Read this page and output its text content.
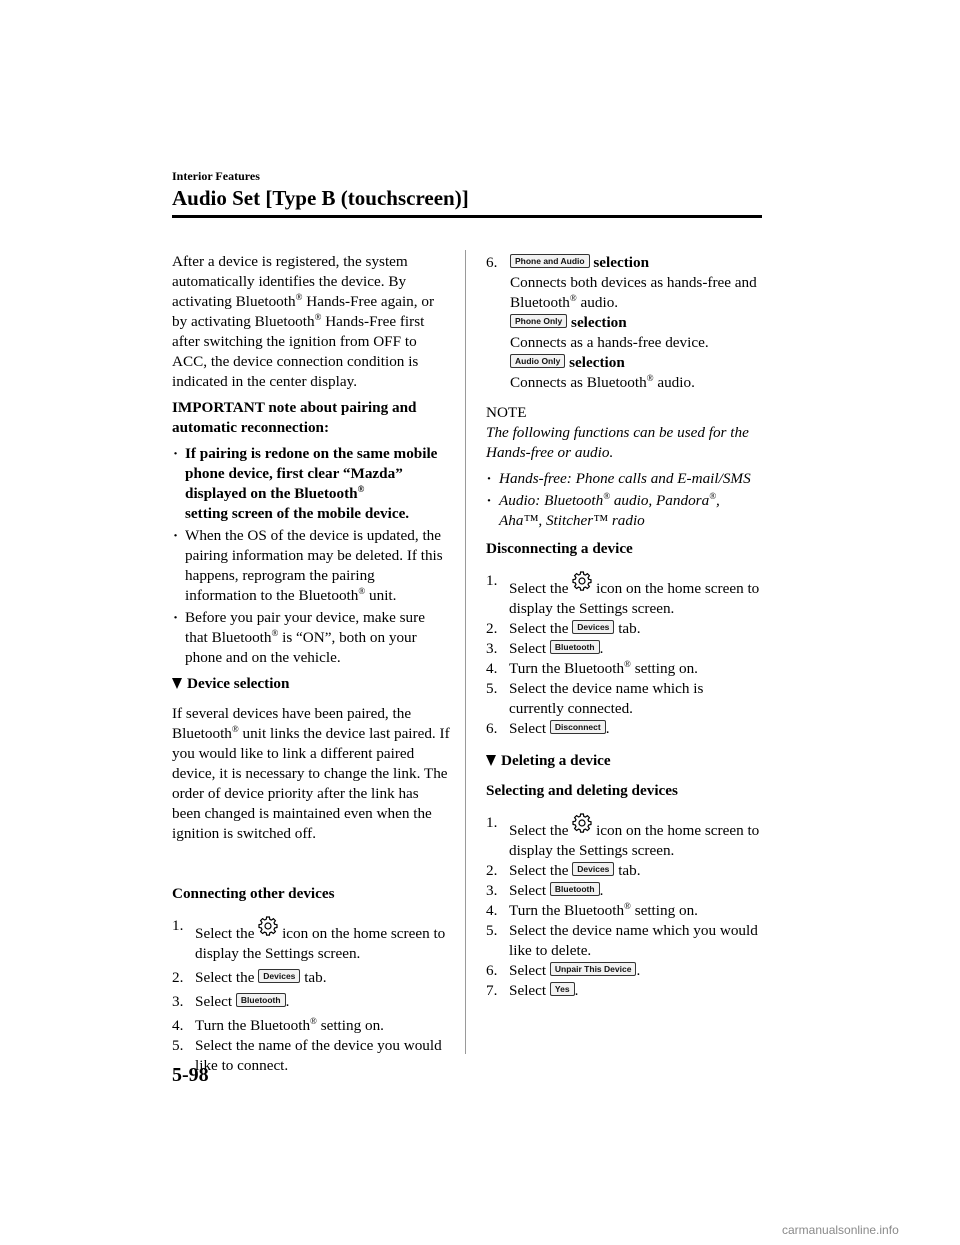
Interior Features
Audio Set [Type B (touchscreen)]

After a device is registered, the system automatically identifies the device. By activating Bluetooth® Hands-Free again, or by activating Bluetooth® Hands-Free first after switching the ignition from OFF to ACC, the device connection condition is indicated in the center display.

IMPORTANT note about pairing and automatic reconnection:

· If pairing is redone on the same mobile phone device, first clear “Mazda” displayed on the Bluetooth®
setting screen of the mobile device.
· When the OS of the device is updated, the pairing information may be deleted. If this happens, reprogram the pairing information to the Bluetooth® unit.
· Before you pair your device, make sure that Bluetooth® is “ON”, both on your phone and on the vehicle.
Device selection

If several devices have been paired, the Bluetooth® unit links the device last paired. If you would like to link a different paired device, it is necessary to change the link. The order of device priority after the link has been changed is maintained even when the ignition is switched off.

Connecting other devices

1. Select the  icon on the home screen to display the Settings screen.
2. Select the Devices tab.
3. Select Bluetooth .
4. Turn the Bluetooth® setting on.
5. Select the name of the device you would like to connect.
6.	Phone and Audio selection
Connects both devices as hands-free and Bluetooth® audio.
Phone Only selection
Connects as a hands-free device.
Audio Only selection
Connects as Bluetooth® audio.
NOTE

The following functions can be used for the Hands-free or audio.

· Hands-free: Phone calls and E-mail/SMS
· Audio: Bluetooth® audio, Pandora®, Aha™, Stitcher™ radio

Disconnecting a device

1. Select the  icon on the home screen to display the Settings screen.
2. Select the Devices tab.
3. Select Bluetooth .
4. Turn the Bluetooth® setting on.
5. Select the device name which is currently connected.
6. Select Disconnect .
Deleting a device

Selecting and deleting devices

1. Select the  icon on the home screen to display the Settings screen.
2. Select the Devices tab.
3. Select Bluetooth .
4. Turn the Bluetooth® setting on.
5. Select the device name which you would like to delete.
6. Select Unpair This Device .
7. Select Yes .
5-98
carmanualsonline.info
